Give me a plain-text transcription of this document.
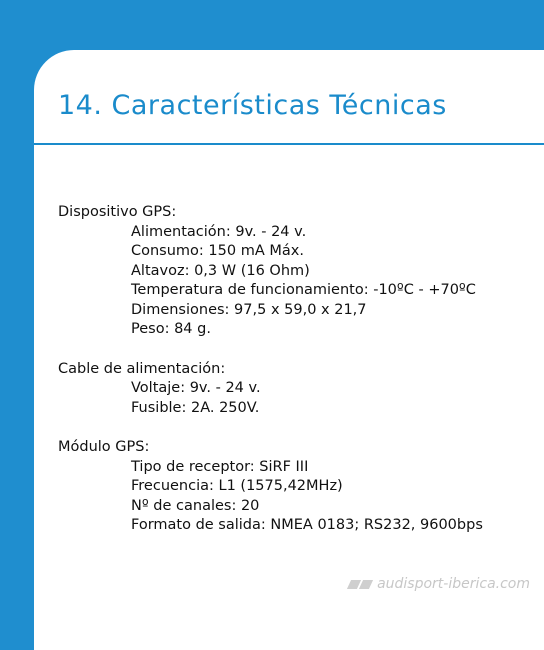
14. Características Técnicas

Dispositivo GPS:

Alimentación: 9v. - 24 v.
Consumo: 150 mA Máx.
Altavoz: 0,3 W (16 Ohm)
Temperatura de funcionamiento: -10ºC - +70ºC
Dimensiones: 97,5 x 59,0 x 21,7
Peso: 84 g.

Cable de alimentación:

Voltaje: 9v. - 24 v.
Fusible: 2A. 250V.

Módulo GPS:

Tipo de receptor: SiRF III
Frecuencia: L1 (1575,42MHz)
Nº de canales: 20
Formato de salida: NMEA 0183; RS232, 9600bps
audisport-iberica.com
